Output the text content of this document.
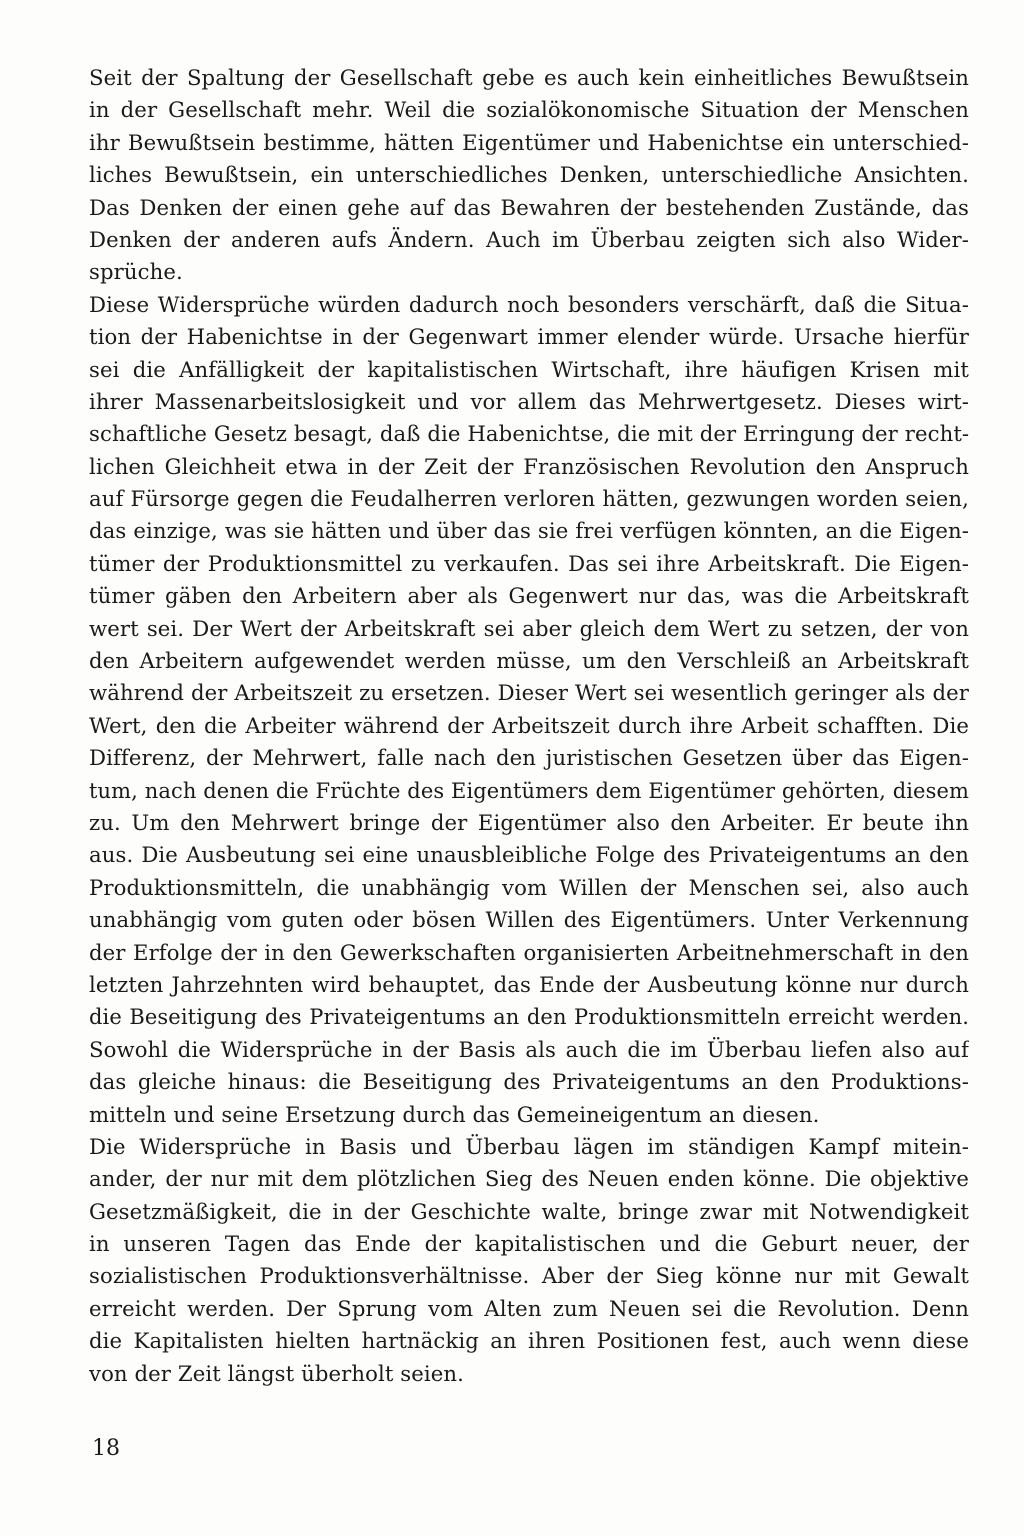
Seit der Spaltung der Gesellschaft gebe es auch kein einheitliches Bewußtsein
in der Gesellschaft mehr. Weil die sozialökonomische Situation der Menschen
ihr Bewußtsein bestimme, hätten Eigentümer und Habenichtse ein unterschied-
liches Bewußtsein, ein unterschiedliches Denken, unterschiedliche Ansichten.
Das Denken der einen gehe auf das Bewahren der bestehenden Zustände, das
Denken der anderen aufs Ändern. Auch im Überbau zeigten sich also Wider-
sprüche.
Diese Widersprüche würden dadurch noch besonders verschärft, daß die Situa-
tion der Habenichtse in der Gegenwart immer elender würde. Ursache hierfür
sei die Anfälligkeit der kapitalistischen Wirtschaft, ihre häufigen Krisen mit
ihrer Massenarbeitslosigkeit und vor allem das Mehrwertgesetz. Dieses wirt-
schaftliche Gesetz besagt, daß die Habenichtse, die mit der Erringung der recht-
lichen Gleichheit etwa in der Zeit der Französischen Revolution den Anspruch
auf Fürsorge gegen die Feudalherren verloren hätten, gezwungen worden seien,
das einzige, was sie hätten und über das sie frei verfügen könnten, an die Eigen-
tümer der Produktionsmittel zu verkaufen. Das sei ihre Arbeitskraft. Die Eigen-
tümer gäben den Arbeitern aber als Gegenwert nur das, was die Arbeitskraft
wert sei. Der Wert der Arbeitskraft sei aber gleich dem Wert zu setzen, der von
den Arbeitern aufgewendet werden müsse, um den Verschleiß an Arbeitskraft
während der Arbeitszeit zu ersetzen. Dieser Wert sei wesentlich geringer als der
Wert, den die Arbeiter während der Arbeitszeit durch ihre Arbeit schafften. Die
Differenz, der Mehrwert, falle nach den juristischen Gesetzen über das Eigen-
tum, nach denen die Früchte des Eigentümers dem Eigentümer gehörten, diesem
zu. Um den Mehrwert bringe der Eigentümer also den Arbeiter. Er beute ihn
aus. Die Ausbeutung sei eine unausbleibliche Folge des Privateigentums an den
Produktionsmitteln, die unabhängig vom Willen der Menschen sei, also auch
unabhängig vom guten oder bösen Willen des Eigentümers. Unter Verkennung
der Erfolge der in den Gewerkschaften organisierten Arbeitnehmerschaft in den
letzten Jahrzehnten wird behauptet, das Ende der Ausbeutung könne nur durch
die Beseitigung des Privateigentums an den Produktionsmitteln erreicht werden.
Sowohl die Widersprüche in der Basis als auch die im Überbau liefen also auf
das gleiche hinaus: die Beseitigung des Privateigentums an den Produktions-
mitteln und seine Ersetzung durch das Gemeineigentum an diesen.
Die Widersprüche in Basis und Überbau lägen im ständigen Kampf mitein-
ander, der nur mit dem plötzlichen Sieg des Neuen enden könne. Die objektive
Gesetzmäßigkeit, die in der Geschichte walte, bringe zwar mit Notwendigkeit
in unseren Tagen das Ende der kapitalistischen und die Geburt neuer, der
sozialistischen Produktionsverhältnisse. Aber der Sieg könne nur mit Gewalt
erreicht werden. Der Sprung vom Alten zum Neuen sei die Revolution. Denn
die Kapitalisten hielten hartnäckig an ihren Positionen fest, auch wenn diese
von der Zeit längst überholt seien.
18
